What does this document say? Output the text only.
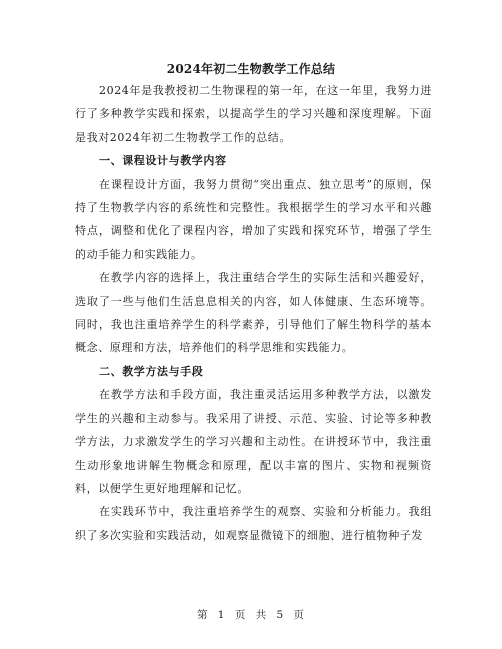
2024年初二生物教学工作总结

2024年是我教授初二生物课程的第一年，在这一年里，我努力进行了多种教学实践和探索，以提高学生的学习兴趣和深度理解。下面是我对2024年初二生物教学工作的总结。

一、课程设计与教学内容

在课程设计方面，我努力贯彻“突出重点、独立思考”的原则，保持了生物教学内容的系统性和完整性。我根据学生的学习水平和兴趣特点，调整和优化了课程内容，增加了实践和探究环节，增强了学生的动手能力和实践能力。

在教学内容的选择上，我注重结合学生的实际生活和兴趣爱好，选取了一些与他们生活息息相关的内容，如人体健康、生态环境等。同时，我也注重培养学生的科学素养，引导他们了解生物科学的基本概念、原理和方法，培养他们的科学思维和实践能力。

二、教学方法与手段

在教学方法和手段方面，我注重灵活运用多种教学方法，以激发学生的兴趣和主动参与。我采用了讲授、示范、实验、讨论等多种教学方法，力求激发学生的学习兴趣和主动性。在讲授环节中，我注重生动形象地讲解生物概念和原理，配以丰富的图片、实物和视频资料，以便学生更好地理解和记忆。

在实践环节中，我注重培养学生的观察、实验和分析能力。我组织了多次实验和实践活动，如观察显微镜下的细胞、进行植物种子发

第 1 页 共 5 页
